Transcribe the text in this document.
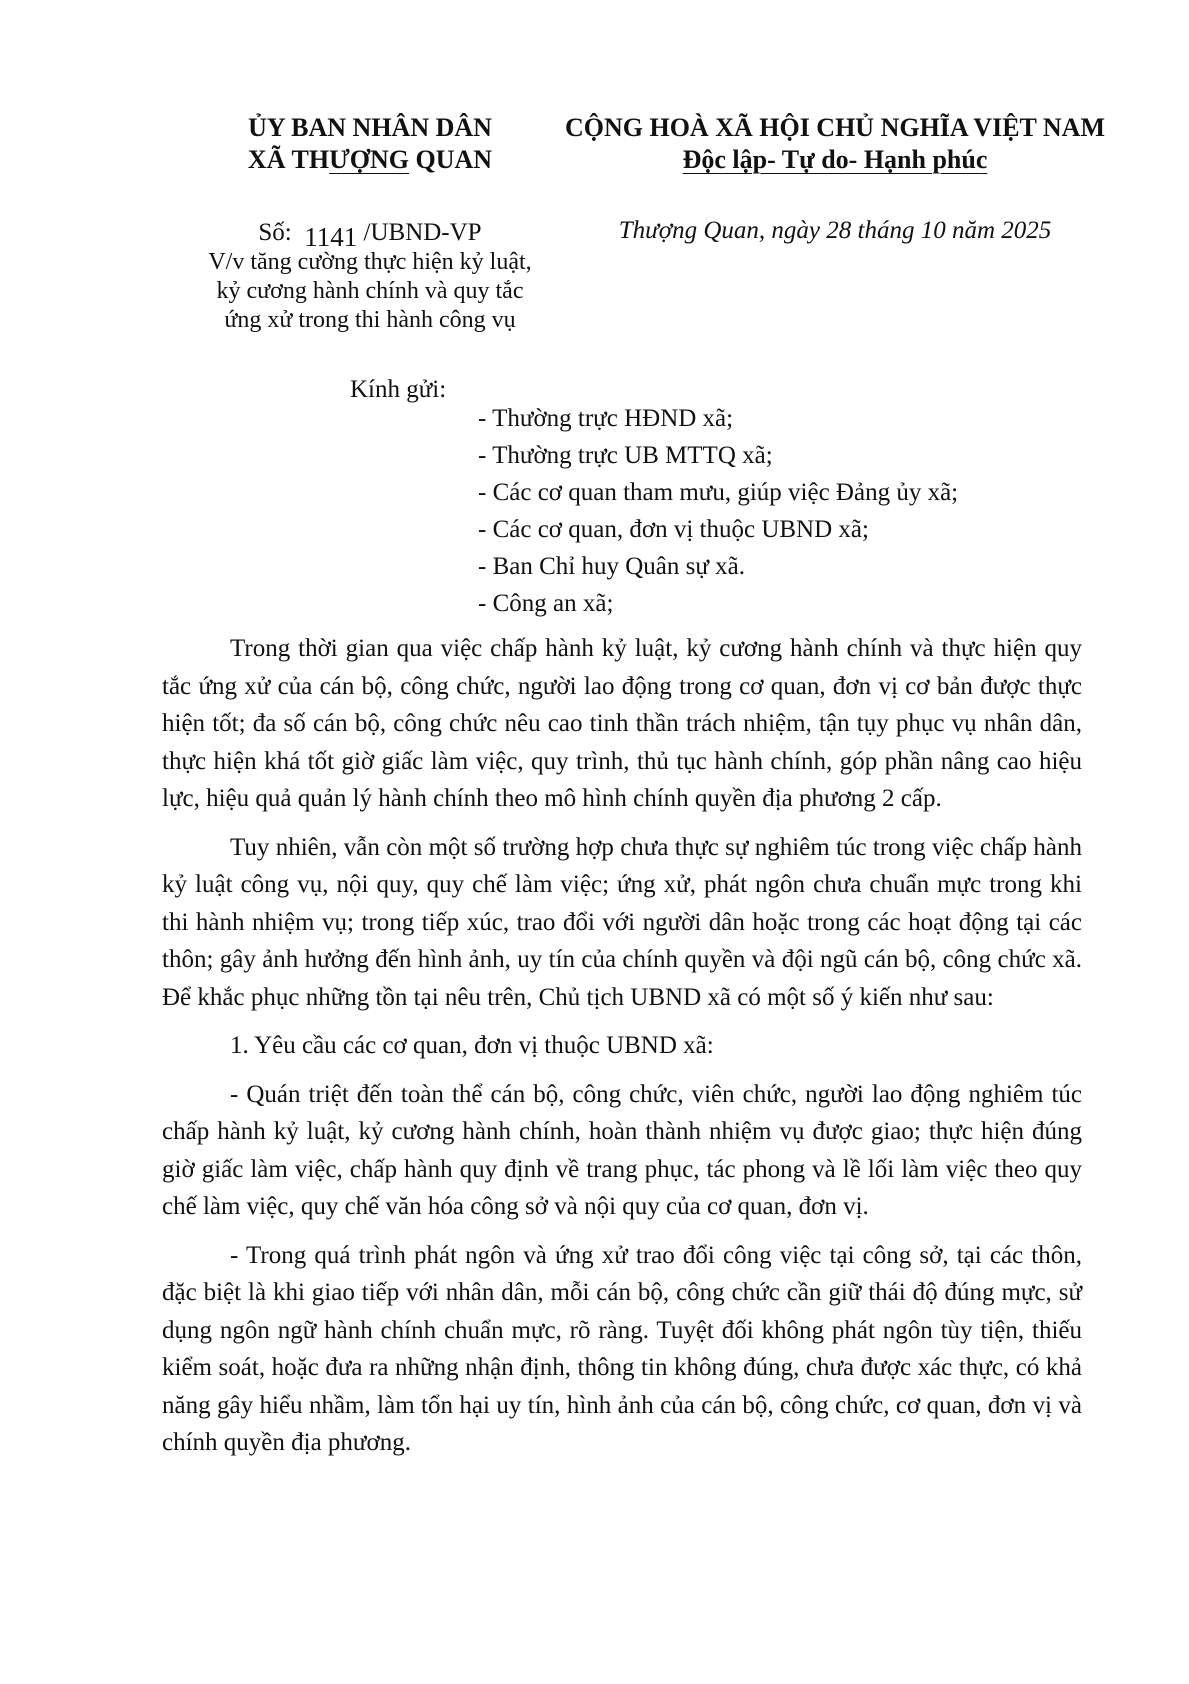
ỦY BAN NHÂN DÂN
XÃ THƯỢNG QUAN
Số: 1141 /UBND-VP
V/v tăng cường thực hiện kỷ luật,
kỷ cương hành chính và quy tắc
ứng xử trong thi hành công vụ
CỘNG HOÀ XÃ HỘI CHỦ NGHĨA VIỆT NAM
Độc lập- Tự do- Hạnh phúc
Thượng Quan, ngày 28 tháng 10 năm 2025
Kính gửi:
- Thường trực HĐND xã;
- Thường trực UB MTTQ xã;
- Các cơ quan tham mưu, giúp việc Đảng ủy xã;
- Các cơ quan, đơn vị thuộc UBND xã;
- Ban Chỉ huy Quân sự xã.
- Công an xã;

Trong thời gian qua việc chấp hành kỷ luật, kỷ cương hành chính và thực hiện quy tắc ứng xử của cán bộ, công chức, người lao động trong cơ quan, đơn vị cơ bản được thực hiện tốt; đa số cán bộ, công chức nêu cao tinh thần trách nhiệm, tận tụy phục vụ nhân dân, thực hiện khá tốt giờ giấc làm việc, quy trình, thủ tục hành chính, góp phần nâng cao hiệu lực, hiệu quả quản lý hành chính theo mô hình chính quyền địa phương 2 cấp.

Tuy nhiên, vẫn còn một số trường hợp chưa thực sự nghiêm túc trong việc chấp hành kỷ luật công vụ, nội quy, quy chế làm việc; ứng xử, phát ngôn chưa chuẩn mực trong khi thi hành nhiệm vụ; trong tiếp xúc, trao đổi với người dân hoặc trong các hoạt động tại các thôn; gây ảnh hưởng đến hình ảnh, uy tín của chính quyền và đội ngũ cán bộ, công chức xã. Để khắc phục những tồn tại nêu trên, Chủ tịch UBND xã có một số ý kiến như sau:

1. Yêu cầu các cơ quan, đơn vị thuộc UBND xã:

- Quán triệt đến toàn thể cán bộ, công chức, viên chức, người lao động nghiêm túc chấp hành kỷ luật, kỷ cương hành chính, hoàn thành nhiệm vụ được giao; thực hiện đúng giờ giấc làm việc, chấp hành quy định về trang phục, tác phong và lề lối làm việc theo quy chế làm việc, quy chế văn hóa công sở và nội quy của cơ quan, đơn vị.

- Trong quá trình phát ngôn và ứng xử trao đổi công việc tại công sở, tại các thôn, đặc biệt là khi giao tiếp với nhân dân, mỗi cán bộ, công chức cần giữ thái độ đúng mực, sử dụng ngôn ngữ hành chính chuẩn mực, rõ ràng. Tuyệt đối không phát ngôn tùy tiện, thiếu kiểm soát, hoặc đưa ra những nhận định, thông tin không đúng, chưa được xác thực, có khả năng gây hiểu nhầm, làm tổn hại uy tín, hình ảnh của cán bộ, công chức, cơ quan, đơn vị và chính quyền địa phương.
